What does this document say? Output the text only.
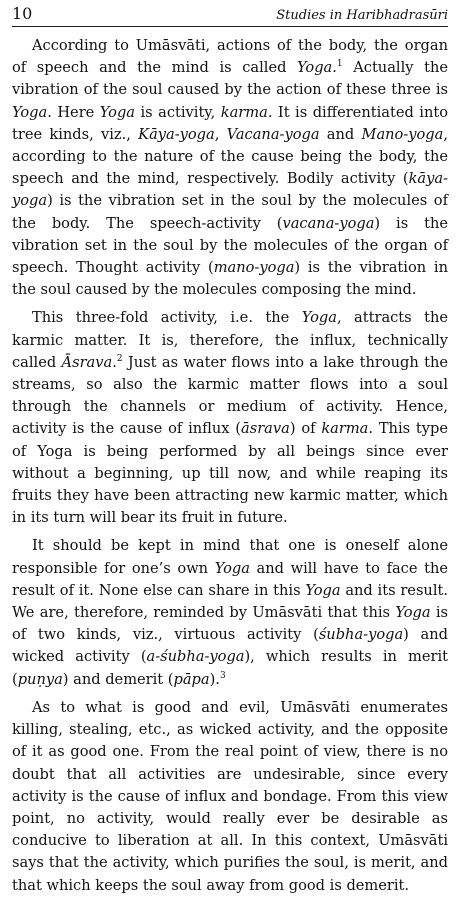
10	Studies in Haribhadrasūri

According to Umāsvāti, actions of the body, the organ of speech and the mind is called Yoga.$^1$ Actually the vibration of the soul caused by the action of these three is Yoga. Here Yoga is activity, karma. It is differentiated into tree kinds, viz., Kāya-yoga, Vacana-yoga and Mano-yoga, according to the nature of the cause being the body, the speech and the mind, respectively. Bodily activity (kāya-yoga) is the vibration set in the soul by the molecules of the body. The speech-activity (vacana-yoga) is the vibration set in the soul by the molecules of the organ of speech. Thought activity (mano-yoga) is the vibration in the soul caused by the molecules composing the mind.

This three-fold activity, i.e. the Yoga, attracts the karmic matter. It is, therefore, the influx, technically called Āsrava.$^2$ Just as water flows into a lake through the streams, so also the karmic matter flows into a soul through the channels or medium of activity. Hence, activity is the cause of influx (āsrava) of karma. This type of Yoga is being performed by all beings since ever without a beginning, up till now, and while reaping its fruits they have been attracting new karmic matter, which in its turn will bear its fruit in future.

It should be kept in mind that one is oneself alone responsible for one’s own Yoga and will have to face the result of it. None else can share in this Yoga and its result. We are, therefore, reminded by Umāsvāti that this Yoga is of two kinds, viz., virtuous activity (śubha-yoga) and wicked activity (a-śubha-yoga), which results in merit (puṇya) and demerit (pāpa).$^3$

As to what is good and evil, Umāsvāti enumerates killing, stealing, etc., as wicked activity, and the opposite of it as good one. From the real point of view, there is no doubt that all activities are undesirable, since every activity is the cause of influx and bondage. From this view point, no activity, would really ever be desirable as conducive to liberation at all. In this context, Umāsvāti says that the activity, which purifies the soul, is merit, and that which keeps the soul away from good is demerit.
